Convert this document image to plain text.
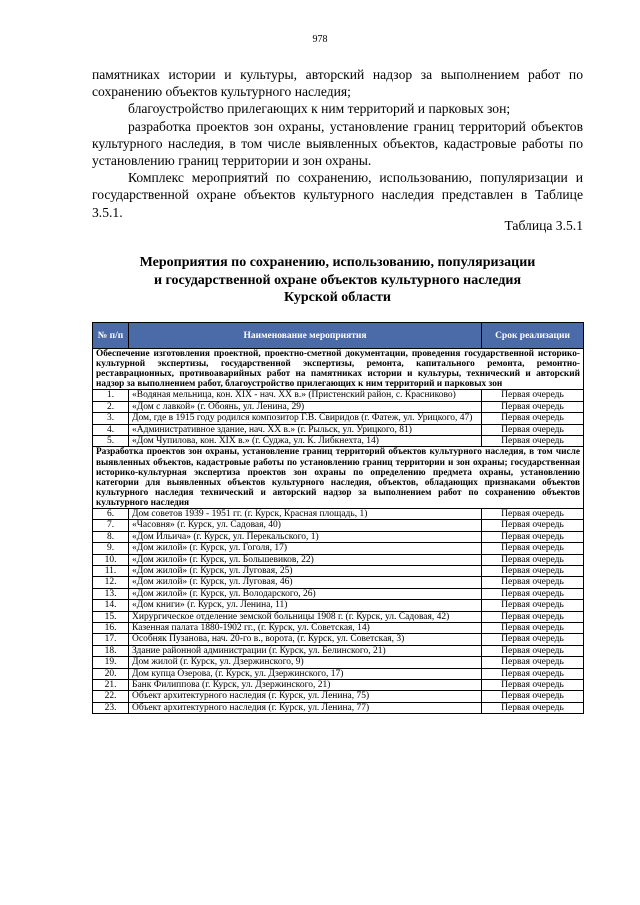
978

памятниках истории и культуры, авторский надзор за выполнением работ по сохранению объектов культурного наследия;

благоустройство прилегающих к ним территорий и парковых зон;

разработка проектов зон охраны, установление границ территорий объектов культурного наследия, в том числе выявленных объектов, кадастровые работы по установлению границ территории и зон охраны.

Комплекс мероприятий по сохранению, использованию, популяризации и государственной охране объектов культурного наследия представлен в Таблице 3.5.1.

Таблица 3.5.1
Мероприятия по сохранению, использованию, популяризации
и государственной охране объектов культурного наследия
Курской области
№ п/п	Наименование мероприятия	Срок реализации
Обеспечение изготовления проектной, проектно-сметной документации, проведения государственной историко-культурной экспертизы, государственной экспертизы, ремонта, капитального ремонта, ремонтно- реставрационных, противоаварийных работ на памятниках истории и культуры, технический и авторский надзор за выполнением работ, благоустройство прилегающих к ним территорий и парковых зон		
1.	«Водяная мельница, кон. XIX - нач. XX в.» (Пристенский район, с. Красниково)	Первая очередь
2.	«Дом с лавкой» (г. Обоянь, ул. Ленина, 29)	Первая очередь
3.	Дом, где в 1915 году родился композитор Г.В. Свиридов (г. Фатеж, ул. Урицкого, 47)	Первая очередь
4.	«Административное здание, нач. XX в.» (г. Рыльск, ул. Урицкого, 81)	Первая очередь
5.	«Дом Чупилова, кон. XIX в.» (г. Суджа, ул. К. Либкнехта, 14)	Первая очередь
Разработка проектов зон охраны, установление границ территорий объектов культурного наследия, в том числе выявленных объектов, кадастровые работы по установлению границ территории и зон охраны; государственная историко-культурная экспертиза проектов зон охраны по определению предмета охраны, установлению категории для выявленных объектов культурного наследия, объектов, обладающих признаками объектов культурного наследия технический и авторский надзор за выполнением работ по сохранению объектов культурного наследия		
6.	Дом советов 1939 - 1951 гг. (г. Курск, Красная площадь, 1)	Первая очередь
7.	«Часовня» (г. Курск, ул. Садовая, 40)	Первая очередь
8.	«Дом Ильича» (г. Курск, ул. Перекальского, 1)	Первая очередь
9.	«Дом жилой» (г. Курск, ул. Гоголя, 17)	Первая очередь
10.	«Дом жилой» (г. Курск, ул. Большевиков, 22)	Первая очередь
11.	«Дом жилой» (г. Курск, ул. Луговая, 25)	Первая очередь
12.	«Дом жилой» (г. Курск, ул. Луговая, 46)	Первая очередь
13.	«Дом жилой» (г. Курск, ул. Володарского, 26)	Первая очередь
14.	«Дом книги» (г. Курск, ул. Ленина, 11)	Первая очередь
15.	Хирургическое отделение земской больницы 1908 г. (г. Курск, ул. Садовая, 42)	Первая очередь
16.	Казенная палата 1880-1902 гг., (г. Курск, ул. Советская, 14)	Первая очередь
17.	Особняк Пузанова, нач. 20-го в., ворота, (г. Курск, ул. Советская, 3)	Первая очередь
18.	Здание районной администрации (г. Курск, ул. Белинского, 21)	Первая очередь
19.	Дом жилой (г. Курск, ул. Дзержинского, 9)	Первая очередь
20.	Дом купца Озерова, (г. Курск, ул. Дзержинского, 17)	Первая очередь
21.	Банк Филиппова (г. Курск, ул. Дзержинского, 21)	Первая очередь
22.	Объект архитектурного наследия (г. Курск, ул. Ленина, 75)	Первая очередь
23.	Объект архитектурного наследия (г. Курск, ул. Ленина, 77)	Первая очередь
